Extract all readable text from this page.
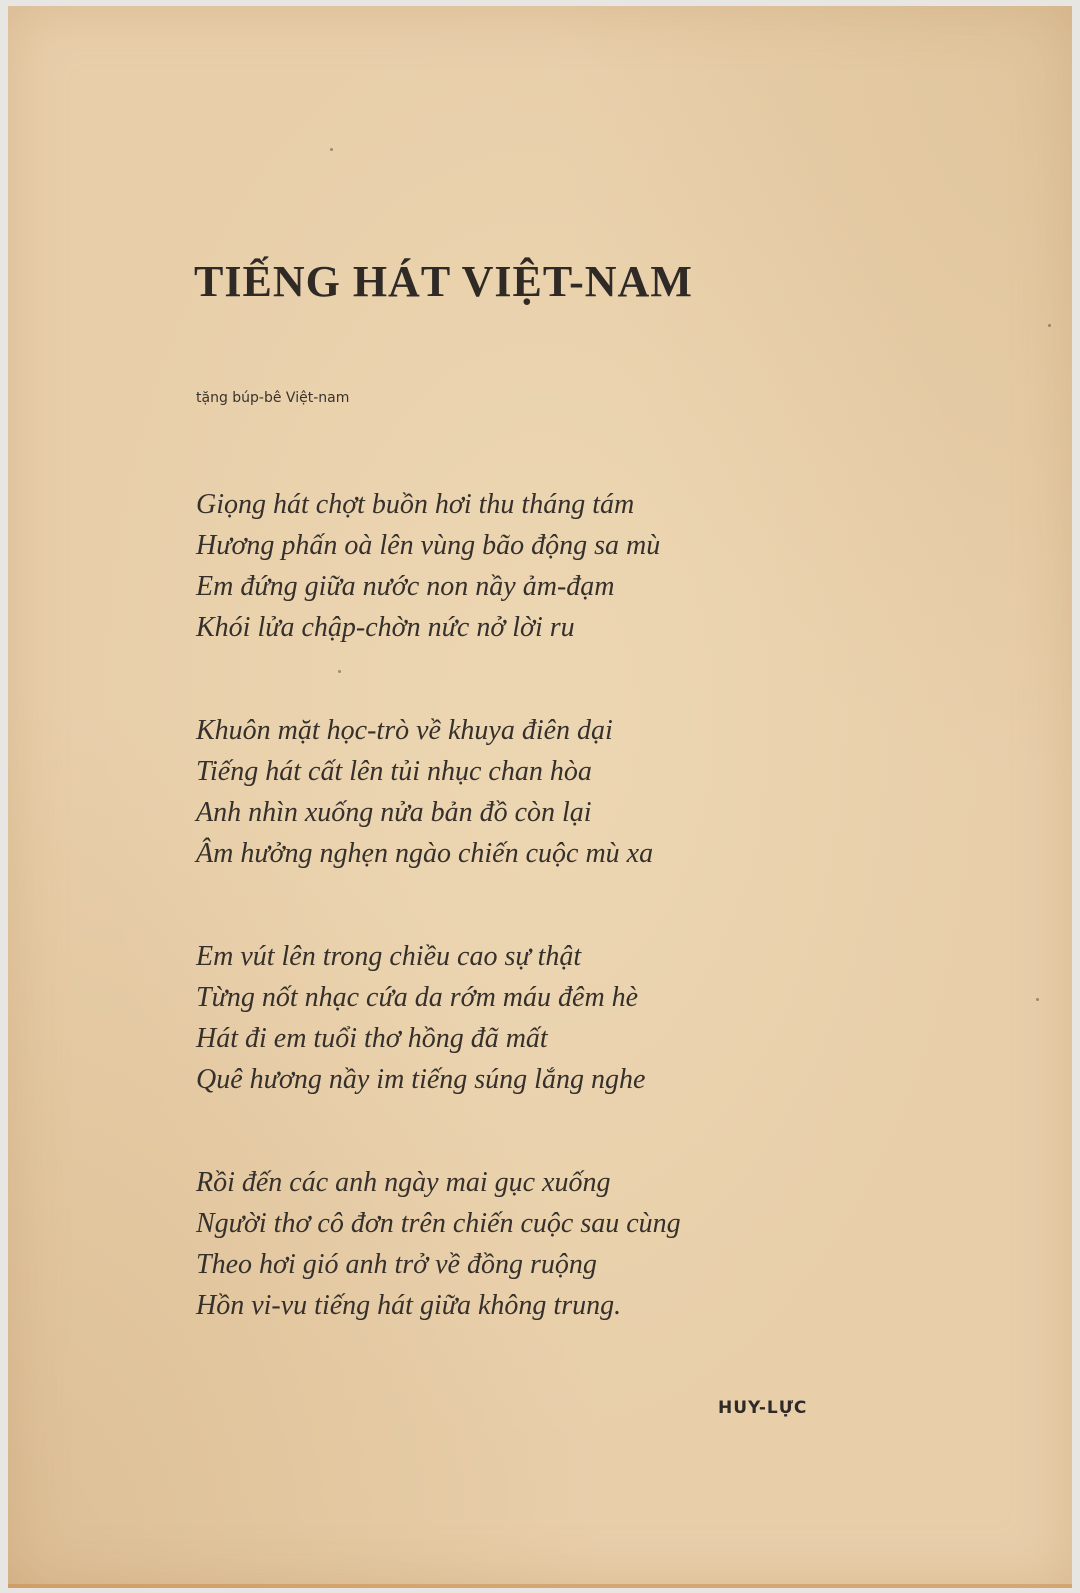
TIẾNG HÁT VIỆT-NAM
tặng búp-bê Việt-nam
Giọng hát chợt buồn hơi thu tháng tám
Hương phấn oà lên vùng bão động sa mù
Em đứng giữa nước non nầy ảm-đạm
Khói lửa chập-chờn nức nở lời ru
Khuôn mặt học-trò về khuya điên dại
Tiếng hát cất lên tủi nhục chan hòa
Anh nhìn xuống nửa bản đồ còn lại
Âm hưởng nghẹn ngào chiến cuộc mù xa
Em vút lên trong chiều cao sự thật
Từng nốt nhạc cứa da rớm máu đêm hè
Hát đi em tuổi thơ hồng đã mất
Quê hương nầy im tiếng súng lắng nghe
Rồi đến các anh ngày mai gục xuống
Người thơ cô đơn trên chiến cuộc sau cùng
Theo hơi gió anh trở về đồng ruộng
Hồn vi-vu tiếng hát giữa không trung.
HUY-LỰC
